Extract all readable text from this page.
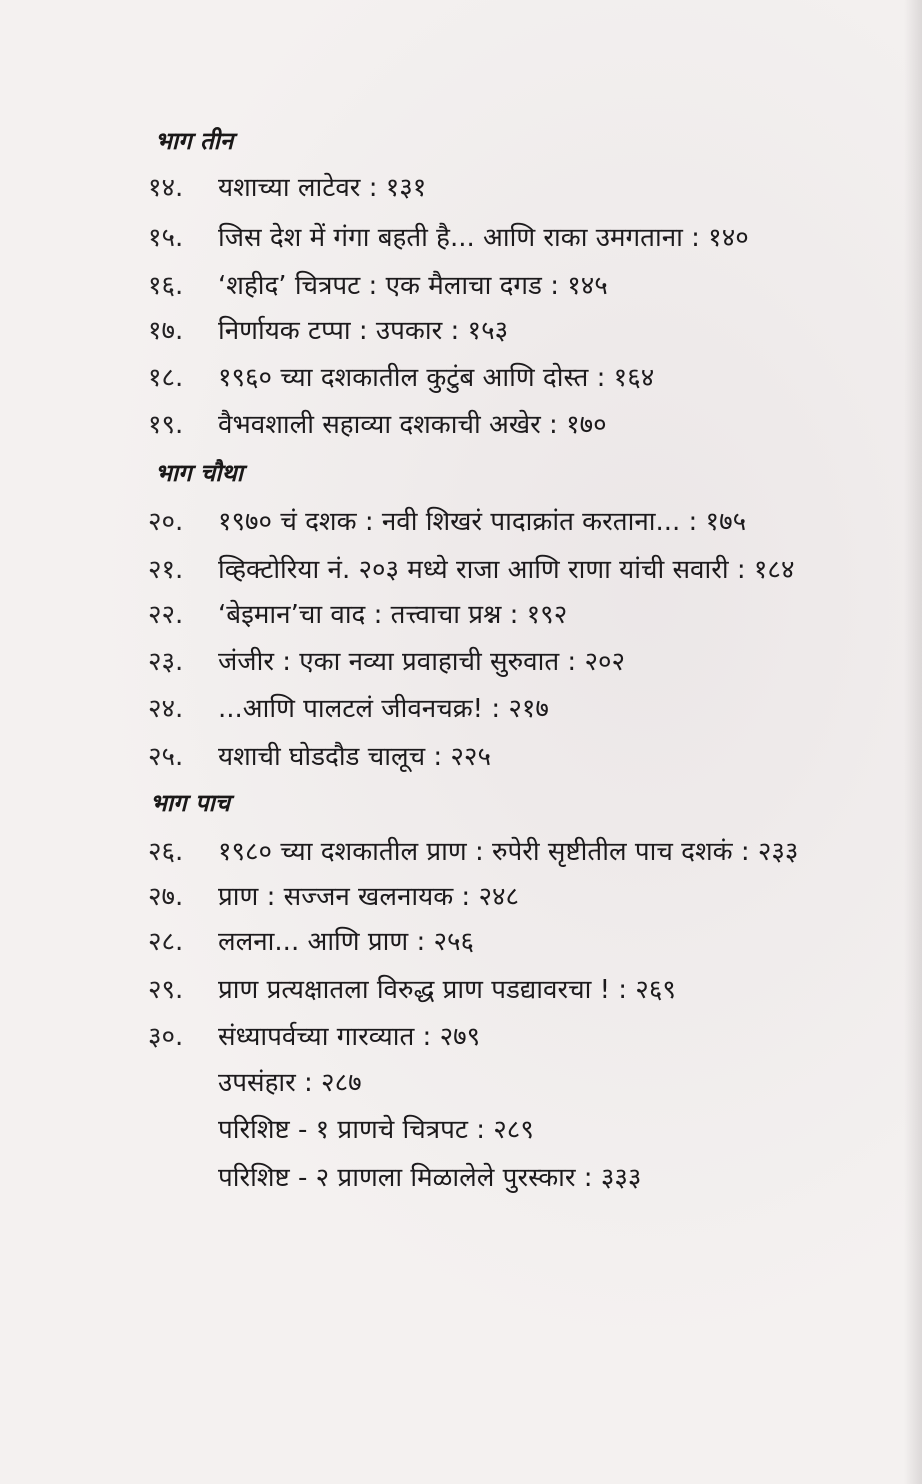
भाग तीन
१४. यशाच्या लाटेवर : १३१
१५. जिस देश में गंगा बहती है... आणि राका उमगताना : १४०
१६. ‘शहीद’ चित्रपट : एक मैलाचा दगड : १४५
१७. निर्णायक टप्पा : उपकार : १५३
१८. १९६० च्या दशकातील कुटुंब आणि दोस्त : १६४
१९. वैभवशाली सहाव्या दशकाची अखेर : १७०
भाग चौथा
२०. १९७० चं दशक : नवी शिखरं पादाक्रांत करताना... : १७५
२१. व्हिक्टोरिया नं. २०३ मध्ये राजा आणि राणा यांची सवारी : १८४
२२. ‘बेइमान’चा वाद : तत्त्वाचा प्रश्न : १९२
२३. जंजीर : एका नव्या प्रवाहाची सुरुवात : २०२
२४. ...आणि पालटलं जीवनचक्र! : २१७
२५. यशाची घोडदौड चालूच : २२५
भाग पाच
२६. १९८० च्या दशकातील प्राण : रुपेरी सृष्टीतील पाच दशकं : २३३
२७. प्राण : सज्जन खलनायक : २४८
२८. ललना... आणि प्राण : २५६
२९. प्राण प्रत्यक्षातला विरुद्ध प्राण पडद्यावरचा ! : २६९
३०. संध्यापर्वच्या गारव्यात : २७९
उपसंहार : २८७
परिशिष्ट - १ प्राणचे चित्रपट : २८९
परिशिष्ट - २ प्राणला मिळालेले पुरस्कार : ३३३
